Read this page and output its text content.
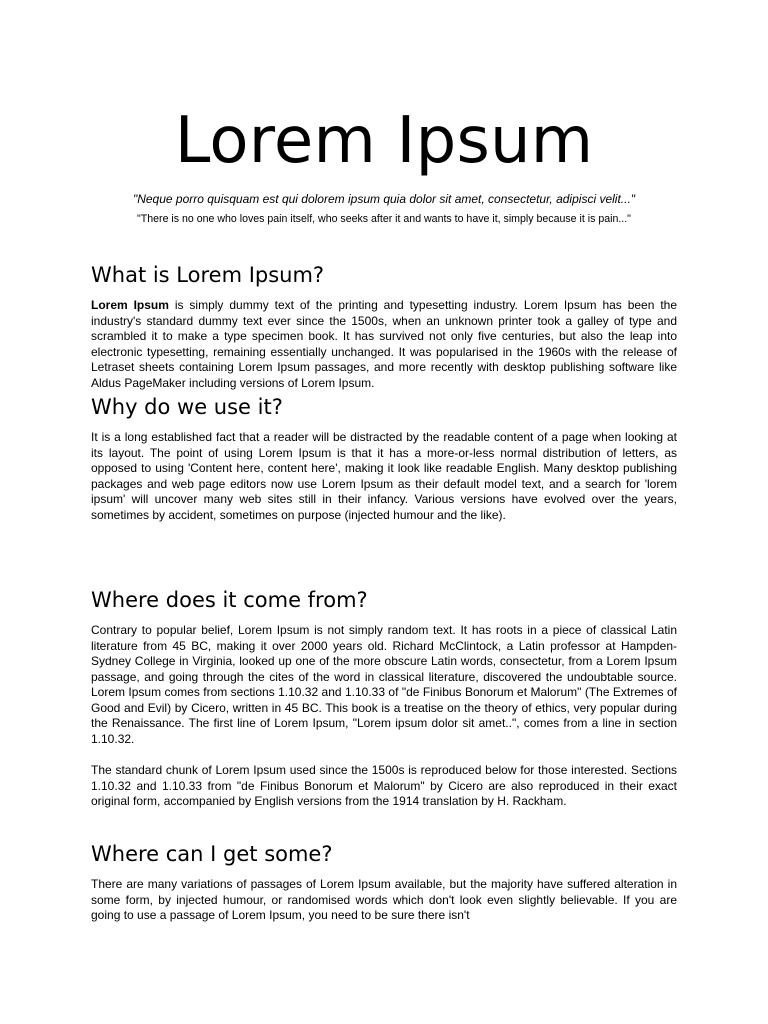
Lorem Ipsum

"Neque porro quisquam est qui dolorem ipsum quia dolor sit amet, consectetur, adipisci velit..."

"There is no one who loves pain itself, who seeks after it and wants to have it, simply because it is pain..."

What is Lorem Ipsum?

Lorem Ipsum is simply dummy text of the printing and typesetting industry. Lorem Ipsum has been the industry's standard dummy text ever since the 1500s, when an unknown printer took a galley of type and scrambled it to make a type specimen book. It has survived not only five centuries, but also the leap into electronic typesetting, remaining essentially unchanged. It was popularised in the 1960s with the release of Letraset sheets containing Lorem Ipsum passages, and more recently with desktop publishing software like Aldus PageMaker including versions of Lorem Ipsum.

Why do we use it?

It is a long established fact that a reader will be distracted by the readable content of a page when looking at its layout. The point of using Lorem Ipsum is that it has a more-or-less normal distribution of letters, as opposed to using 'Content here, content here', making it look like readable English. Many desktop publishing packages and web page editors now use Lorem Ipsum as their default model text, and a search for 'lorem ipsum' will uncover many web sites still in their infancy. Various versions have evolved over the years, sometimes by accident, sometimes on purpose (injected humour and the like).

Where does it come from?

Contrary to popular belief, Lorem Ipsum is not simply random text. It has roots in a piece of classical Latin literature from 45 BC, making it over 2000 years old. Richard McClintock, a Latin professor at Hampden-Sydney College in Virginia, looked up one of the more obscure Latin words, consectetur, from a Lorem Ipsum passage, and going through the cites of the word in classical literature, discovered the undoubtable source. Lorem Ipsum comes from sections 1.10.32 and 1.10.33 of "de Finibus Bonorum et Malorum" (The Extremes of Good and Evil) by Cicero, written in 45 BC. This book is a treatise on the theory of ethics, very popular during the Renaissance. The first line of Lorem Ipsum, "Lorem ipsum dolor sit amet..", comes from a line in section 1.10.32.

The standard chunk of Lorem Ipsum used since the 1500s is reproduced below for those interested. Sections 1.10.32 and 1.10.33 from "de Finibus Bonorum et Malorum" by Cicero are also reproduced in their exact original form, accompanied by English versions from the 1914 translation by H. Rackham.

Where can I get some?

There are many variations of passages of Lorem Ipsum available, but the majority have suffered alteration in some form, by injected humour, or randomised words which don't look even slightly believable. If you are going to use a passage of Lorem Ipsum, you need to be sure there isn't
